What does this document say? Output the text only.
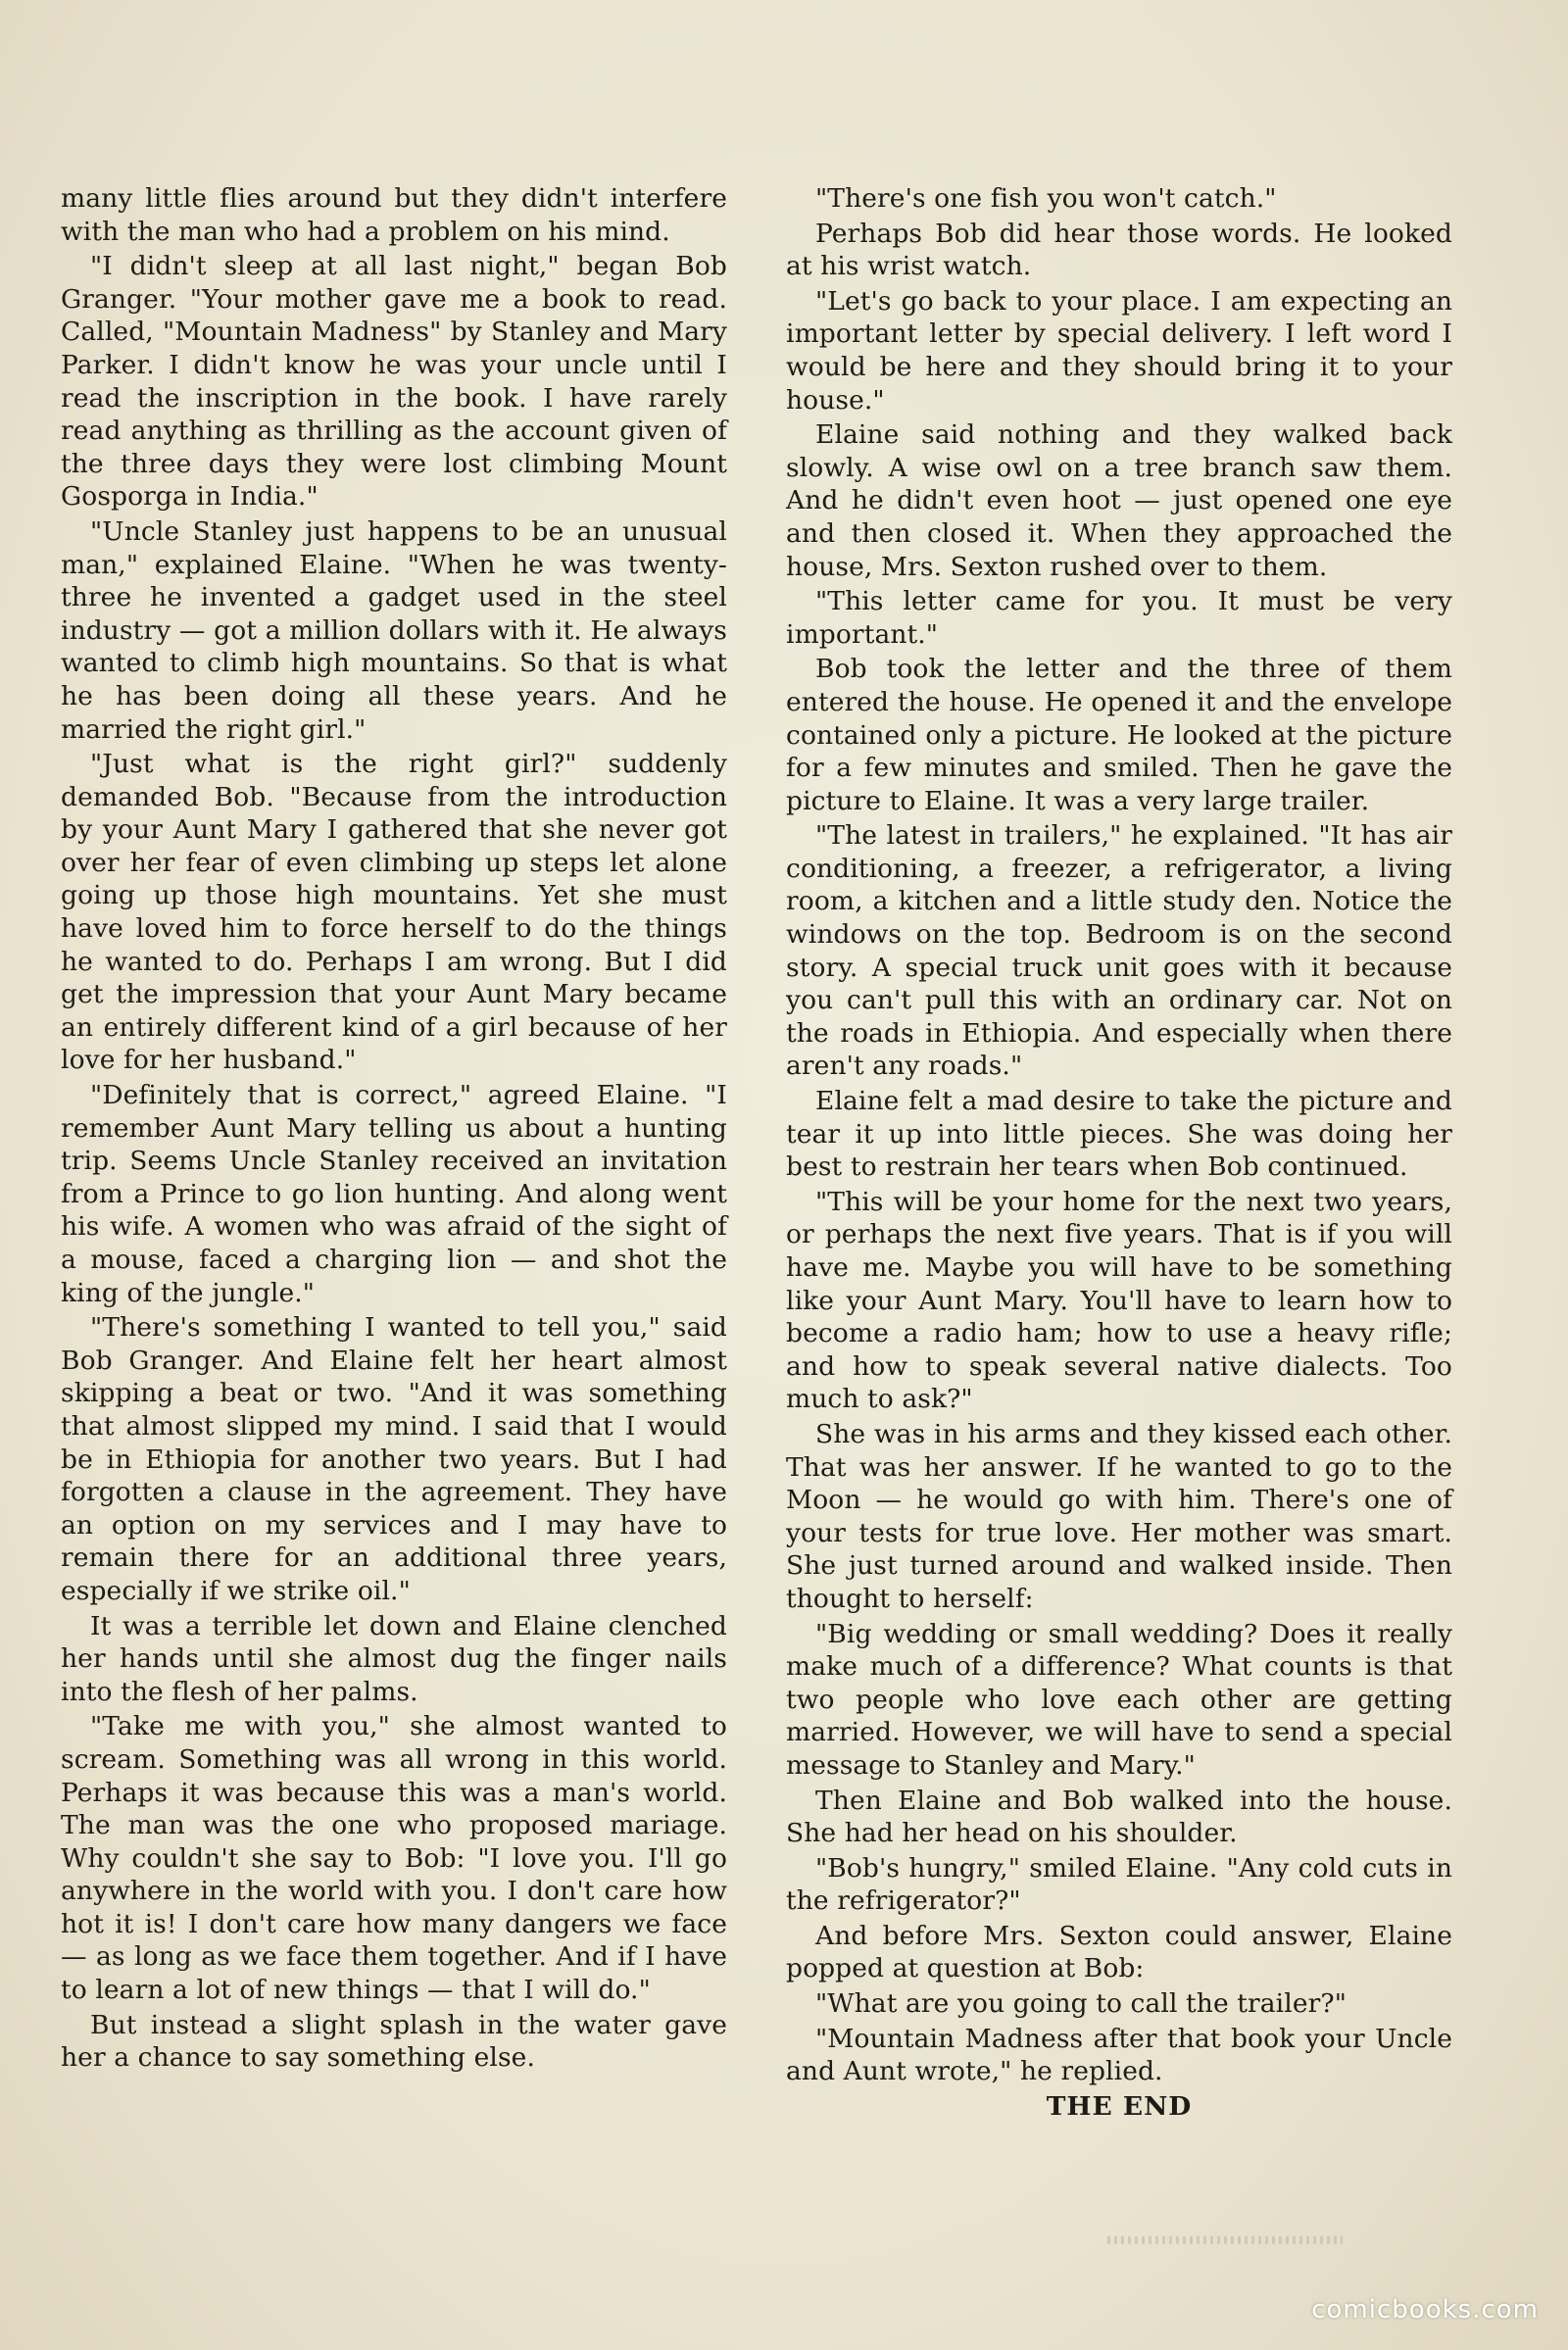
many little flies around but they didn't interfere with the man who had a problem on his mind.

"I didn't sleep at all last night," began Bob Granger. "Your mother gave me a book to read. Called, "Mountain Madness" by Stanley and Mary Parker. I didn't know he was your uncle until I read the inscription in the book. I have rarely read anything as thrilling as the account given of the three days they were lost climbing Mount Gosporga in India."

"Uncle Stanley just happens to be an unusual man," explained Elaine. "When he was twenty-three he invented a gadget used in the steel industry — got a million dollars with it. He always wanted to climb high mountains. So that is what he has been doing all these years. And he married the right girl."

"Just what is the right girl?" suddenly demanded Bob. "Because from the introduction by your Aunt Mary I gathered that she never got over her fear of even climbing up steps let alone going up those high mountains. Yet she must have loved him to force herself to do the things he wanted to do. Perhaps I am wrong. But I did get the impression that your Aunt Mary became an entirely different kind of a girl because of her love for her husband."

"Definitely that is correct," agreed Elaine. "I remember Aunt Mary telling us about a hunting trip. Seems Uncle Stanley received an invitation from a Prince to go lion hunting. And along went his wife. A women who was afraid of the sight of a mouse, faced a charging lion — and shot the king of the jungle."

"There's something I wanted to tell you," said Bob Granger. And Elaine felt her heart almost skipping a beat or two. "And it was something that almost slipped my mind. I said that I would be in Ethiopia for another two years. But I had forgotten a clause in the agreement. They have an option on my services and I may have to remain there for an additional three years, especially if we strike oil."

It was a terrible let down and Elaine clenched her hands until she almost dug the finger nails into the flesh of her palms.

"Take me with you," she almost wanted to scream. Something was all wrong in this world. Perhaps it was because this was a man's world. The man was the one who proposed mariage. Why couldn't she say to Bob: "I love you. I'll go anywhere in the world with you. I don't care how hot it is! I don't care how many dangers we face — as long as we face them together. And if I have to learn a lot of new things — that I will do."

But instead a slight splash in the water gave her a chance to say something else.

"There's one fish you won't catch."

Perhaps Bob did hear those words. He looked at his wrist watch.

"Let's go back to your place. I am expecting an important letter by special delivery. I left word I would be here and they should bring it to your house."

Elaine said nothing and they walked back slowly. A wise owl on a tree branch saw them. And he didn't even hoot — just opened one eye and then closed it. When they approached the house, Mrs. Sexton rushed over to them.

"This letter came for you. It must be very important."

Bob took the letter and the three of them entered the house. He opened it and the envelope contained only a picture. He looked at the picture for a few minutes and smiled. Then he gave the picture to Elaine. It was a very large trailer.

"The latest in trailers," he explained. "It has air conditioning, a freezer, a refrigerator, a living room, a kitchen and a little study den. Notice the windows on the top. Bedroom is on the second story. A special truck unit goes with it because you can't pull this with an ordinary car. Not on the roads in Ethiopia. And especially when there aren't any roads."

Elaine felt a mad desire to take the picture and tear it up into little pieces. She was doing her best to restrain her tears when Bob continued.

"This will be your home for the next two years, or perhaps the next five years. That is if you will have me. Maybe you will have to be something like your Aunt Mary. You'll have to learn how to become a radio ham; how to use a heavy rifle; and how to speak several native dialects. Too much to ask?"

She was in his arms and they kissed each other. That was her answer. If he wanted to go to the Moon — he would go with him. There's one of your tests for true love. Her mother was smart. She just turned around and walked inside. Then thought to herself:

"Big wedding or small wedding? Does it really make much of a difference? What counts is that two people who love each other are getting married. However, we will have to send a special message to Stanley and Mary."

Then Elaine and Bob walked into the house. She had her head on his shoulder.

"Bob's hungry," smiled Elaine. "Any cold cuts in the refrigerator?"

And before Mrs. Sexton could answer, Elaine popped at question at Bob:

"What are you going to call the trailer?"

"Mountain Madness after that book your Uncle and Aunt wrote," he replied.

THE END

comicbooks.com
